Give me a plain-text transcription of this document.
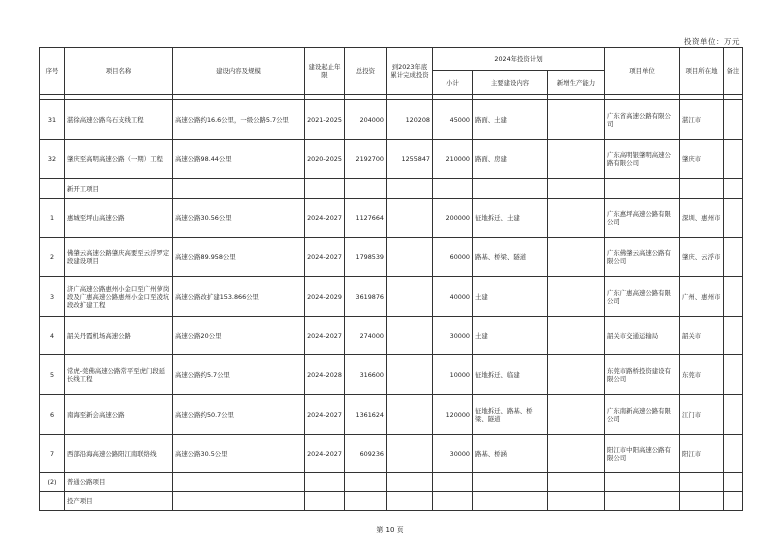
投资单位：万元
序号	项目名称	建设内容及规模	建设起止年限	总投资	到2023年底累计完成投资	2024年投资计划			项目单位	项目所在地	备注
						小计	主要建设内容	新增生产能力			

31	湛徐高速公路乌石支线工程	高速公路约16.6公里，一级公路5.7公里	2021-2025	204000	120208	45000	路面、土建		广东省高速公路有限公司	湛江市	
32	肇庆至高明高速公路（一期）工程	高速公路98.44公里	2020-2025	2192700	1255847	210000	路面、房建		广东高明银肇明高速公路有限公司	肇庆市	
	新开工项目										
1	惠城至坪山高速公路	高速公路30.56公里	2024-2027	1127664		200000	征地拆迁、土建		广东惠坪高速公路有限公司	深圳、惠州市	
2	佛肇云高速公路肇庆高要至云浮罗定段建设项目	高速公路89.958公里	2024-2027	1798539		60000	路基、桥梁、隧道		广东佛肇云高速公路有限公司	肇庆、云浮市	
3	济广高速公路惠州小金口至广州萝岗段及广惠高速公路惠州小金口至凌坑段改扩建工程	高速公路改扩建153.866公里	2024-2029	3619876		40000	土建		广东广惠高速公路有限公司	广州、惠州市	
4	韶关丹霞机场高速公路	高速公路20公里	2024-2027	274000		30000	土建		韶关市交通运输局	韶关市	
5	常虎-莞佛高速公路常平至虎门段延长线工程	高速公路约5.7公里	2024-2028	316600		10000	征地拆迁、临建		东莞市路桥投资建设有限公司	东莞市	
6	南海至新会高速公路	高速公路约50.7公里	2024-2027	1361624		120000	征地拆迁、路基、桥梁、隧道		广东南新高速公路有限公司	江门市	
7	西部沿海高速公路阳江南联络线	高速公路30.5公里	2024-2027	609236		30000	路基、桥涵		阳江市中阳高速公路有限公司	阳江市	
(2)	普通公路项目										
	投产项目										
第 10 页
